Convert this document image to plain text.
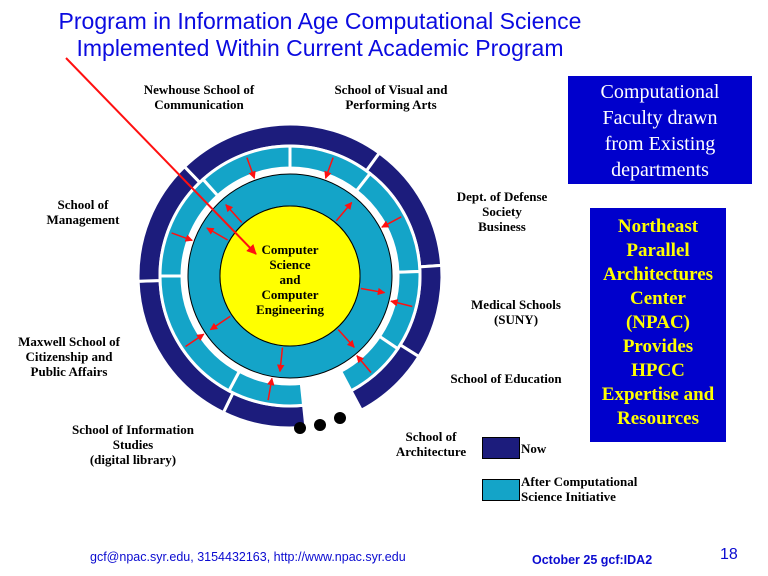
Program in Information Age Computational Science
Implemented Within Current Academic Program
Computer
Science
and
Computer
Engineering
Newhouse School of
Communication
School of Visual and
Performing Arts
Dept. of Defense
Society
Business
Medical Schools
(SUNY)
School of Education
School of
Architecture
School of Information
Studies
(digital library)
Maxwell School of
Citizenship and
Public Affairs
School of
Management
Computational
Faculty drawn
from Existing
departments
Northeast
Parallel
Architectures
Center
(NPAC)
Provides
HPCC
Expertise and
Resources
Now
After Computational
Science Initiative
gcf@npac.syr.edu, 3154432163, http://www.npac.syr.edu	October 25 gcf:IDA2	18
